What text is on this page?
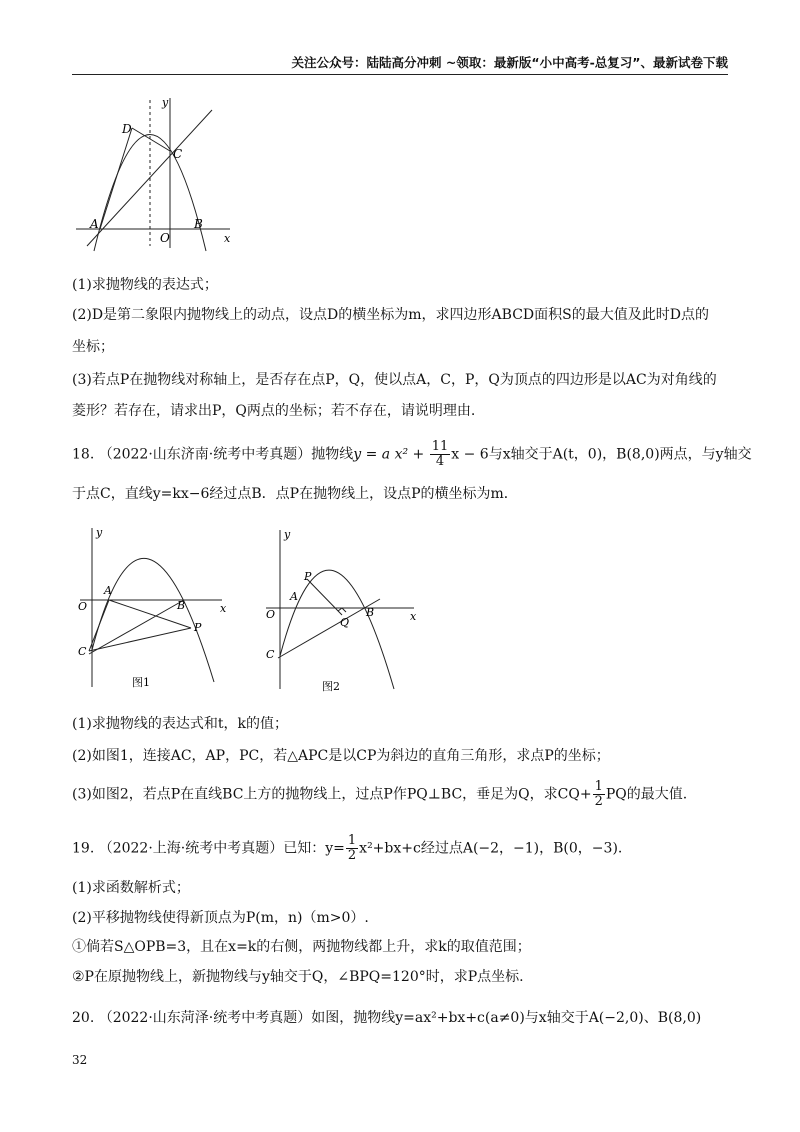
关注公众号：陆陆高分冲刺 ~领取：最新版“小中高考-总复习”、最新试卷下载
y
x
D
C
A
O
B
(1)求抛物线的表达式；
(2)D是第二象限内抛物线上的动点，设点D的横坐标为m，求四边形ABCD面积S的最大值及此时D点的
坐标；
(3)若点P在抛物线对称轴上，是否存在点P，Q，使以点A，C，P，Q为顶点的四边形是以AC为对角线的
菱形？若存在，请求出P，Q两点的坐标；若不存在，请说明理由.
18. （2022·山东济南·统考中考真题）抛物线y = a $x^2 + \frac{11}{4}$ x − 6与x轴交于A(t，0)，B(8,0)两点，与y轴交
于点C，直线y=kx−6经过点B．点P在抛物线上，设点P的横坐标为m．
y
x
O
A
B
P
C
图1
y
x
O
A
P
B
Q
C
图2
(1)求抛物线的表达式和t，k的值；
(2)如图1，连接AC，AP，PC，若△APC是以CP为斜边的直角三角形，求点P的坐标；
(3)如图2，若点P在直线BC上方的抛物线上，过点P作PQ⊥BC，垂足为Q，求$CQ+ \frac{1}{2}$ PQ的最大值.
19. （2022·上海·统考中考真题）已知：$y= \frac{1}{2} x^2+bx+c$经过点A(−2，−1)，B(0，−3).
(1)求函数解析式；
(2)平移抛物线使得新顶点为P(m，n)（m>0）.
①倘若S△OPB=3，且在x=k的右侧，两抛物线都上升，求k的取值范围；
②P在原抛物线上，新抛物线与y轴交于Q，∠BPQ=120°时，求P点坐标.
20. （2022·山东菏泽·统考中考真题）如图，抛物线y=ax²+bx+c(a≠0)与x轴交于A(−2,0)、B(8,0)
32
